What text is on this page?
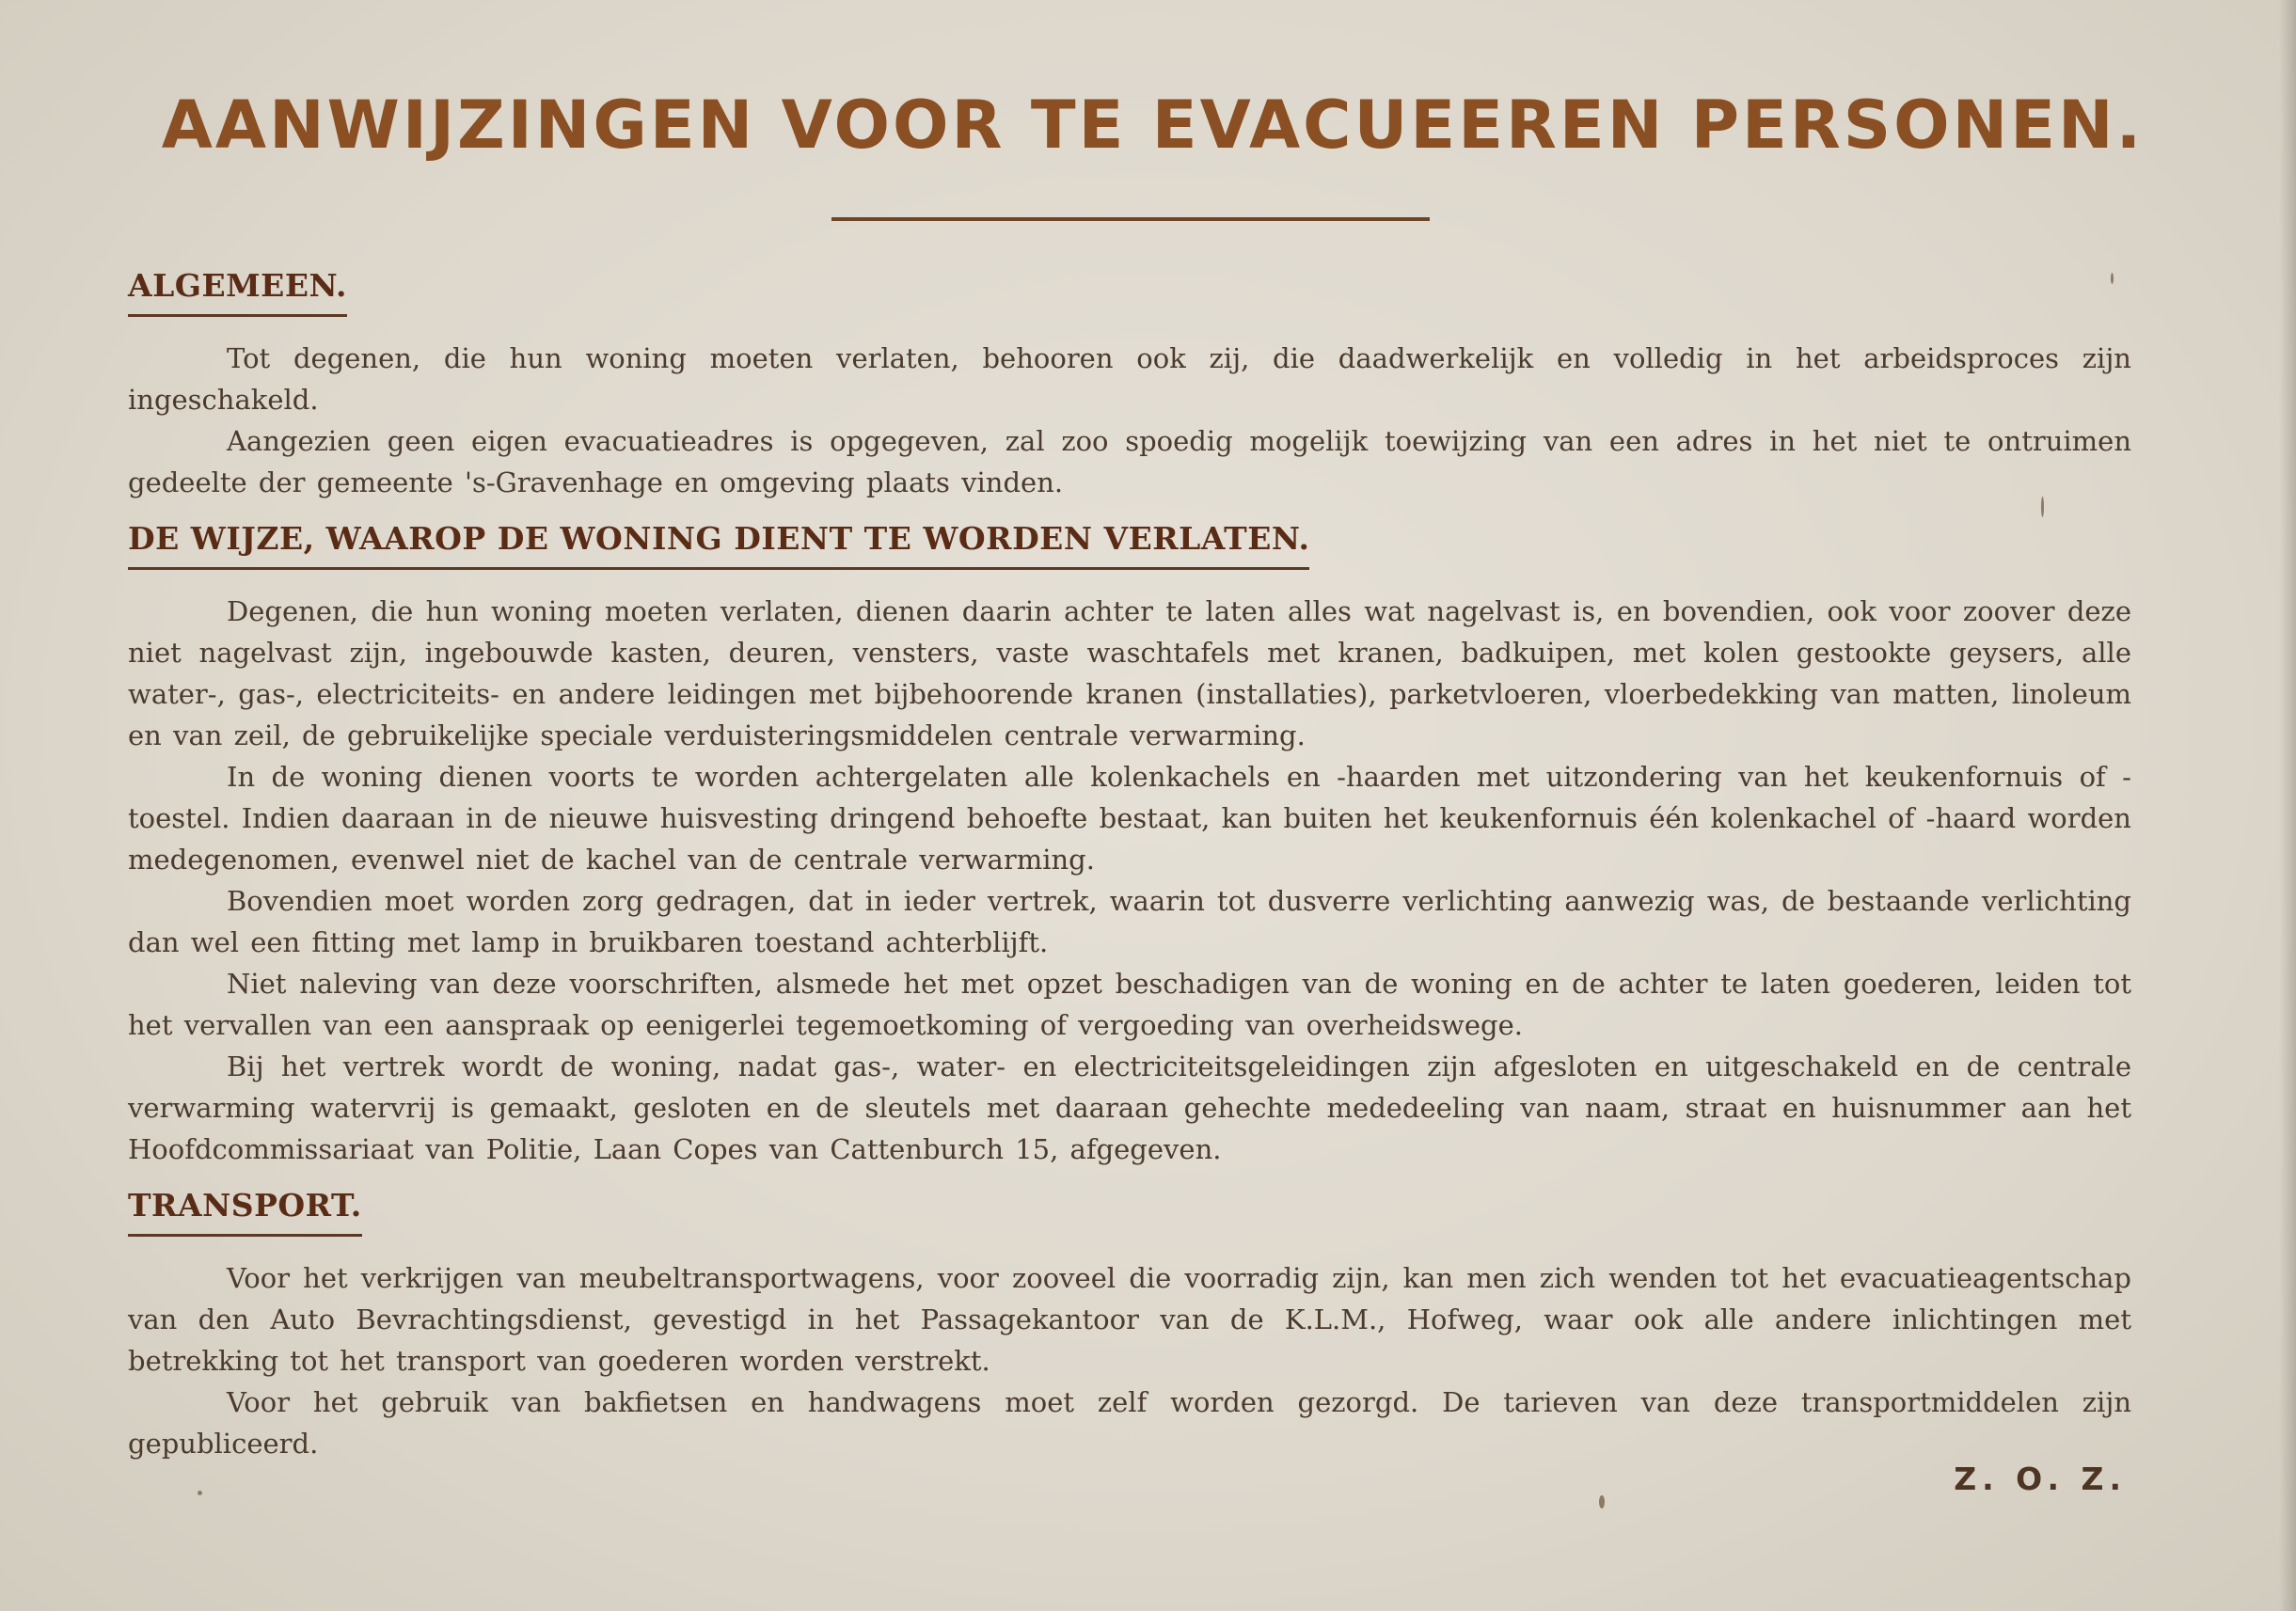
AANWIJZINGEN VOOR TE EVACUEEREN PERSONEN.
ALGEMEEN.

Tot degenen, die hun woning moeten verlaten, behooren ook zij, die daadwerkelijk en volledig in het arbeidsproces zijn ingeschakeld.

Aangezien geen eigen evacuatieadres is opgegeven, zal zoo spoedig mogelijk toewijzing van een adres in het niet te ontruimen gedeelte der gemeente 's-Gravenhage en omgeving plaats vinden.

DE WIJZE, WAAROP DE WONING DIENT TE WORDEN VERLATEN.

Degenen, die hun woning moeten verlaten, dienen daarin achter te laten alles wat nagelvast is, en bovendien, ook voor zoover deze niet nagelvast zijn, ingebouwde kasten, deuren, vensters, vaste waschtafels met kranen, badkuipen, met kolen gestookte geysers, alle water-, gas-, electriciteits- en andere leidingen met bijbehoorende kranen (installaties), parketvloeren, vloerbedekking van matten, linoleum en van zeil, de gebruikelijke speciale verduisteringsmiddelen centrale verwarming.

In de woning dienen voorts te worden achtergelaten alle kolenkachels en -haarden met uitzondering van het keukenfornuis of -toestel. Indien daaraan in de nieuwe huisvesting dringend behoefte bestaat, kan buiten het keukenfornuis één kolenkachel of -haard worden medegenomen, evenwel niet de kachel van de centrale verwarming.

Bovendien moet worden zorg gedragen, dat in ieder vertrek, waarin tot dusverre verlichting aanwezig was, de bestaande verlichting dan wel een fitting met lamp in bruikbaren toestand achterblijft.

Niet naleving van deze voorschriften, alsmede het met opzet beschadigen van de woning en de achter te laten goederen, leiden tot het vervallen van een aanspraak op eenigerlei tegemoetkoming of vergoeding van overheidswege.

Bij het vertrek wordt de woning, nadat gas-, water- en electriciteitsgeleidingen zijn afgesloten en uitgeschakeld en de centrale verwarming watervrij is gemaakt, gesloten en de sleutels met daaraan gehechte mededeeling van naam, straat en huisnummer aan het Hoofdcommissariaat van Politie, Laan Copes van Cattenburch 15, afgegeven.

TRANSPORT.

Voor het verkrijgen van meubeltransportwagens, voor zooveel die voorradig zijn, kan men zich wenden tot het evacuatieagentschap van den Auto Bevrachtingsdienst, gevestigd in het Passagekantoor van de K.L.M., Hofweg, waar ook alle andere inlichtingen met betrekking tot het transport van goederen worden verstrekt.

Voor het gebruik van bakfietsen en handwagens moet zelf worden gezorgd. De tarieven van deze transportmiddelen zijn gepubliceerd.

Z. O. Z.
